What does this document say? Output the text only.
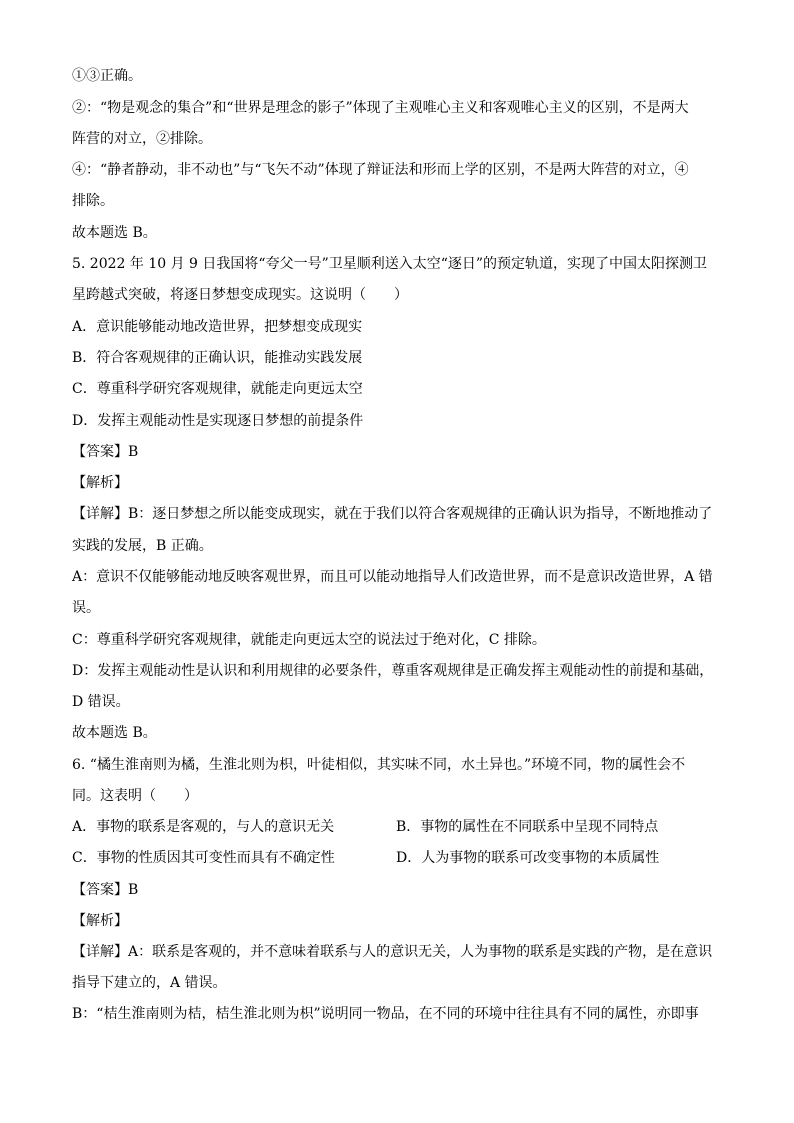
①③正确。
②：“物是观念的集合”和“世界是理念的影子”体现了主观唯心主义和客观唯心主义的区别，不是两大
阵营的对立，②排除。
④：“静者静动，非不动也”与“飞矢不动”体现了辩证法和形而上学的区别，不是两大阵营的对立，④
排除。
故本题选 B。
5. 2022 年 10 月 9 日我国将“夸父一号”卫星顺利送入太空“逐日”的预定轨道，实现了中国太阳探测卫
星跨越式突破，将逐日梦想变成现实。这说明（　　）
A．意识能够能动地改造世界，把梦想变成现实
B．符合客观规律的正确认识，能推动实践发展
C．尊重科学研究客观规律，就能走向更远太空
D．发挥主观能动性是实现逐日梦想的前提条件
【答案】B
【解析】
【详解】B：逐日梦想之所以能变成现实，就在于我们以符合客观规律的正确认识为指导，不断地推动了
实践的发展，B 正确。
A：意识不仅能够能动地反映客观世界，而且可以能动地指导人们改造世界，而不是意识改造世界，A 错
误。
C：尊重科学研究客观规律，就能走向更远太空的说法过于绝对化，C 排除。
D：发挥主观能动性是认识和利用规律的必要条件，尊重客观规律是正确发挥主观能动性的前提和基础，
D 错误。
故本题选 B。
6. “橘生淮南则为橘，生淮北则为枳，叶徒相似，其实味不同，水土异也。”环境不同，物的属性会不
同。这表明（　　）
A．事物的联系是客观的，与人的意识无关	B．事物的属性在不同联系中呈现不同特点
C．事物的性质因其可变性而具有不确定性	D．人为事物的联系可改变事物的本质属性
【答案】B
【解析】
【详解】A：联系是客观的，并不意味着联系与人的意识无关，人为事物的联系是实践的产物，是在意识
指导下建立的，A 错误。
B：“桔生淮南则为桔，桔生淮北则为枳”说明同一物品，在不同的环境中往往具有不同的属性，亦即事
